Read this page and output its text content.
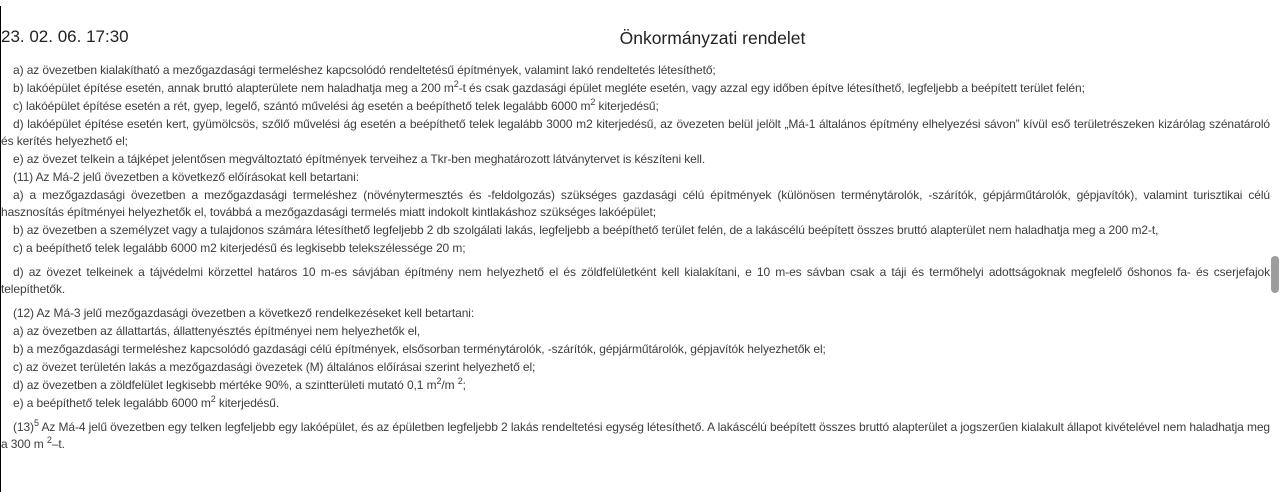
23. 02. 06. 17:30	Önkormányzati rendelet

a) az övezetben kialakítható a mezőgazdasági termeléshez kapcsolódó rendeltetésű építmények, valamint lakó rendeltetés létesíthető;

b) lakóépület építése esetén, annak bruttó alapterülete nem haladhatja meg a 200 $m^2-t$ és csak gazdasági épület megléte esetén, vagy azzal egy időben építve létesíthető, legfeljebb a beépített terület felén;

c) lakóépület építése esetén a rét, gyep, legelő, szántó művelési ág esetén a beépíthető telek legalább 6000 $m^2$ kiterjedésű;

d) lakóépület építése esetén kert, gyümölcsös, szőlő művelési ág esetén a beépíthető telek legalább 3000 m2 kiterjedésű, az övezeten belül jelölt „Má-1 általános építmény elhelyezési sávon” kívül eső területrészeken kizárólag szénatároló és kerítés helyezhető el;

e) az övezet telkein a tájképet jelentősen megváltoztató építmények terveihez a Tkr-ben meghatározott látványtervet is készíteni kell.

(11) Az Má-2 jelű övezetben a következő előírásokat kell betartani:

a) a mezőgazdasági övezetben a mezőgazdasági termeléshez (növénytermesztés és -feldolgozás) szükséges gazdasági célú építmények (különösen terménytárolók, -szárítók, gépjárműtárolók, gépjavítók), valamint turisztikai célú hasznosítás építményei helyezhetők el, továbbá a mezőgazdasági termelés miatt indokolt kintlakáshoz szükséges lakóépület;

b) az övezetben a személyzet vagy a tulajdonos számára létesíthető legfeljebb 2 db szolgálati lakás, legfeljebb a beépíthető terület felén, de a lakáscélú beépített összes bruttó alapterület nem haladhatja meg a 200 m2-t,

c) a beépíthető telek legalább 6000 m2 kiterjedésű és legkisebb telekszélessége 20 m;

d) az övezet telkeinek a tájvédelmi körzettel határos 10 m-es sávjában építmény nem helyezhető el és zöldfelületként kell kialakítani, e 10 m-es sávban csak a táji és termőhelyi adottságoknak megfelelő őshonos fa- és cserjefajok telepíthetők.

(12) Az Má-3 jelű mezőgazdasági övezetben a következő rendelkezéseket kell betartani:

a) az övezetben az állattartás, állattenyésztés építményei nem helyezhetők el,

b) a mezőgazdasági termeléshez kapcsolódó gazdasági célú építmények, elsősorban terménytárolók, -szárítók, gépjárműtárolók, gépjavítók helyezhetők el;

c) az övezet területén lakás a mezőgazdasági övezetek (M) általános előírásai szerint helyezhető el;

d) az övezetben a zöldfelület legkisebb mértéke 90%, a szintterületi mutató 0,1 $m^2/m$ $^2$;

e) a beépíthető telek legalább 6000 $m^2$ kiterjedésű.

$(13)^5$ Az Má-4 jelű övezetben egy telken legfeljebb egy lakóépület, és az épületben legfeljebb 2 lakás rendeltetési egység létesíthető. A lakáscélú beépített összes bruttó alapterület a jogszerűen kialakult állapot kivételével nem haladhatja meg a 300 m $^2$–t.
